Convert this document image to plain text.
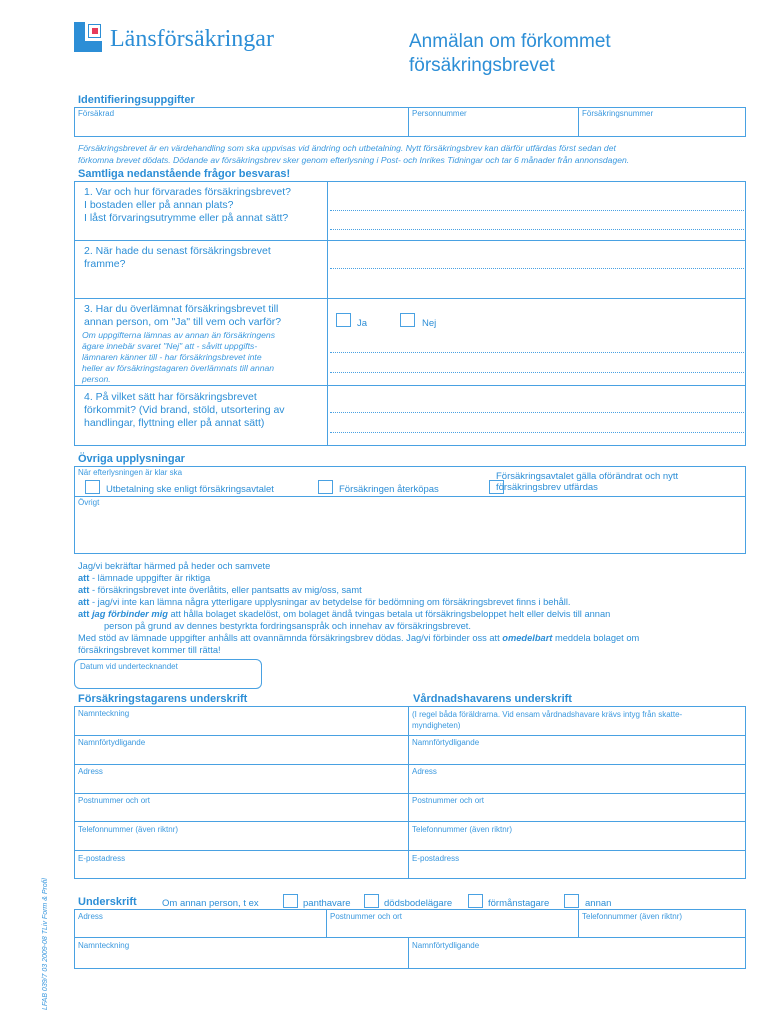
Länsförsäkringar	Anmälan om förkommet
försäkringsbrevet
Identifieringsuppgifter
Försäkrad	Personnummer	Försäkringsnummer
Försäkringsbrevet är en värdehandling som ska uppvisas vid ändring och utbetalning. Nytt försäkringsbrev kan därför utfärdas först sedan det
förkomna brevet dödats. Dödande av försäkringsbrev sker genom efterlysning i Post- och Inrikes Tidningar och tar 6 månader från annonsdagen.
Samtliga nedanstående frågor besvaras!
1. Var och hur förvarades försäkringsbrevet?
I bostaden eller på annan plats?
I låst förvaringsutrymme eller på annat sätt?
2. När hade du senast försäkringsbrevet
framme?
3. Har du överlämnat försäkringsbrevet till
annan person, om "Ja" till vem och varför?
Om uppgifterna lämnas av annan än försäkringens
ägare innebär svaret "Nej" att - såvitt uppgifts-
lämnaren känner till - har försäkringsbrevet inte
heller av försäkringstagaren överlämnats till annan
person.
Ja	Nej
4. På vilket sätt har försäkringsbrevet
förkommit? (Vid brand, stöld, utsortering av
handlingar, flyttning eller på annat sätt)
Övriga upplysningar
När efterlysningen är klar ska
Utbetalning ske enligt försäkringsavtalet	Försäkringen återköpas
Försäkringsavtalet gälla oförändrat och nytt
försäkringsbrev utfärdas
Övrigt
Jag/vi bekräftar härmed på heder och samvete
att - lämnade uppgifter är riktiga
att - försäkringsbrevet inte överlåtits, eller pantsatts av mig/oss, samt
att - jag/vi inte kan lämna några ytterligare upplysningar av betydelse för bedömning om försäkringsbrevet finns i behåll.
att jag förbinder mig att hålla bolaget skadelöst, om bolaget ändå tvingas betala ut försäkringsbeloppet helt eller delvis till annan
person på grund av dennes bestyrkta fordringsanspråk och innehav av försäkringsbrevet.
Med stöd av lämnade uppgifter anhålls att ovannämnda försäkringsbrev dödas. Jag/vi förbinder oss att omedelbart meddela bolaget om
försäkringsbrevet kommer till rätta!
Datum vid undertecknandet
Försäkringstagarens underskrift	Vårdnadshavarens underskrift
Namnteckning	(I regel båda föräldrarna. Vid ensam vårdnadshavare krävs intyg från skatte-
myndigheten)
Namnförtydligande	Namnförtydligande
Adress	Adress
Postnummer och ort	Postnummer och ort
Telefonnummer (även riktnr)	Telefonnummer (även riktnr)
E-postadress	E-postadress
Underskrift	Om annan person, t ex	panthavare	dödsbodelägare	förmånstagare	annan
Adress	Postnummer och ort	Telefonnummer (även riktnr)
Namnteckning	Namnförtydligande
LFAB 039/7 03 2009-08 TLiv Form & Profil
